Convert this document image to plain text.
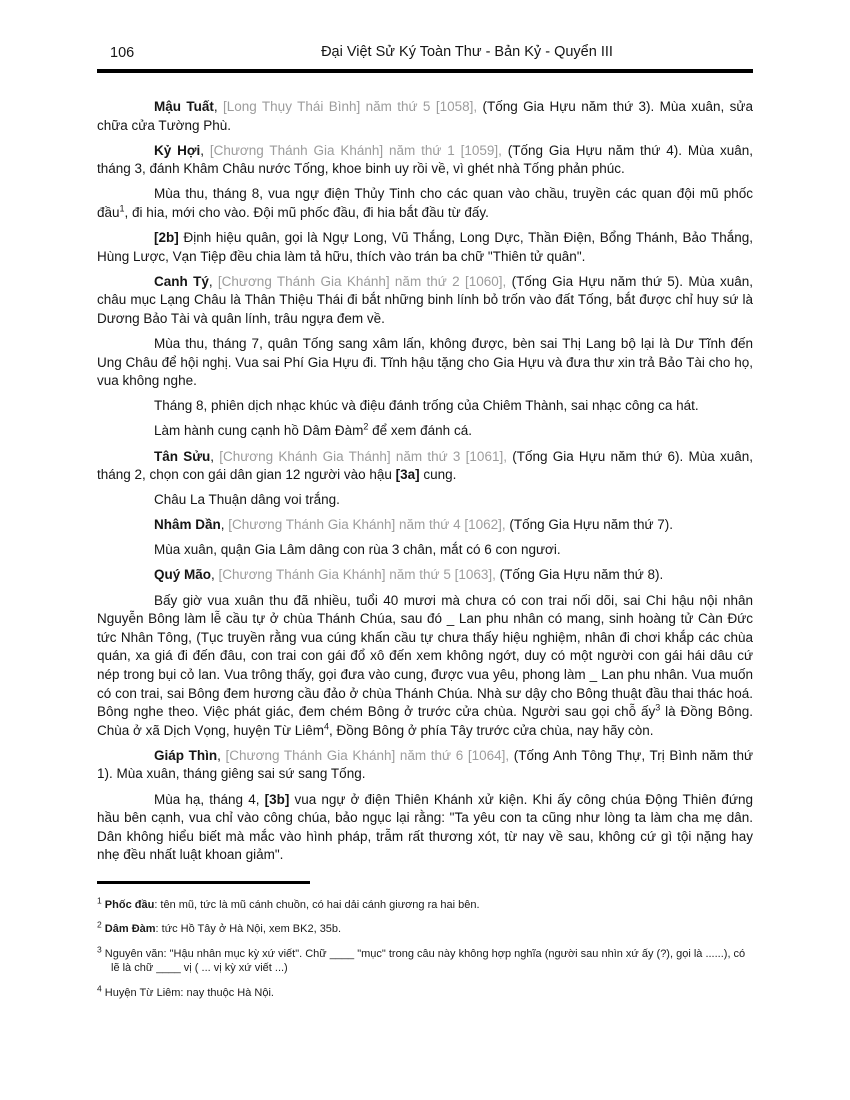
106	Đại Việt Sử Ký Toàn Thư - Bản Kỷ - Quyển III

Mậu Tuất, [Long Thụy Thái Bình] năm thứ 5 [1058], (Tống Gia Hựu năm thứ 3). Mùa xuân, sửa chữa cửa Tường Phù.

Kỷ Hợi, [Chương Thánh Gia Khánh] năm thứ 1 [1059], (Tống Gia Hựu năm thứ 4). Mùa xuân, tháng 3, đánh Khâm Châu nước Tống, khoe binh uy rồi về, vì ghét nhà Tống phản phúc.

Mùa thu, tháng 8, vua ngự điện Thủy Tinh cho các quan vào chầu, truyền các quan đội mũ phốc đầu$^1$, đi hia, mới cho vào. Đội mũ phốc đầu, đi hia bắt đầu từ đấy.

[2b] Định hiệu quân, gọi là Ngự Long, Vũ Thắng, Long Dực, Thần Điện, Bổng Thánh, Bảo Thắng, Hùng Lược, Vạn Tiệp đều chia làm tả hữu, thích vào trán ba chữ "Thiên tử quân".

Canh Tý, [Chương Thánh Gia Khánh] năm thứ 2 [1060], (Tống Gia Hựu năm thứ 5). Mùa xuân, châu mục Lạng Châu là Thân Thiệu Thái đi bắt những binh lính bỏ trốn vào đất Tống, bắt được chỉ huy sứ là Dương Bảo Tài và quân lính, trâu ngựa đem về.

Mùa thu, tháng 7, quân Tống sang xâm lấn, không được, bèn sai Thị Lang bộ lại là Dư Tĩnh đến Ung Châu để hội nghị. Vua sai Phí Gia Hựu đi. Tĩnh hậu tặng cho Gia Hựu và đưa thư xin trả Bảo Tài cho họ, vua không nghe.

Tháng 8, phiên dịch nhạc khúc và điệu đánh trống của Chiêm Thành, sai nhạc công ca hát.

Làm hành cung cạnh hồ Dâm Đàm$^2$ để xem đánh cá.

Tân Sửu, [Chương Khánh Gia Thánh] năm thứ 3 [1061], (Tống Gia Hựu năm thứ 6). Mùa xuân, tháng 2, chọn con gái dân gian 12 người vào hậu [3a] cung.

Châu La Thuận dâng voi trắng.

Nhâm Dần, [Chương Thánh Gia Khánh] năm thứ 4 [1062], (Tống Gia Hựu năm thứ 7).

Mùa xuân, quận Gia Lâm dâng con rùa 3 chân, mắt có 6 con ngươi.

Quý Mão, [Chương Thánh Gia Khánh] năm thứ 5 [1063], (Tống Gia Hựu năm thứ 8).

Bấy giờ vua xuân thu đã nhiều, tuổi 40 mươi mà chưa có con trai nối dõi, sai Chi hậu nội nhân Nguyễn Bông làm lễ cầu tự ở chùa Thánh Chúa, sau đó _ Lan phu nhân có mang, sinh hoàng tử Càn Đức tức Nhân Tông, (Tục truyền rằng vua cúng khấn cầu tự chưa thấy hiệu nghiệm, nhân đi chơi khắp các chùa quán, xa giá đi đến đâu, con trai con gái đổ xô đến xem không ngớt, duy có một người con gái hái dâu cứ nép trong bụi cỏ lan. Vua trông thấy, gọi đưa vào cung, được vua yêu, phong làm _ Lan phu nhân. Vua muốn có con trai, sai Bông đem hương cầu đảo ở chùa Thánh Chúa. Nhà sư dậy cho Bông thuật đầu thai thác hoá. Bông nghe theo. Việc phát giác, đem chém Bông ở trước cửa chùa. Người sau gọi chỗ ấy$^3$ là Đồng Bông. Chùa ở xã Dịch Vọng, huyện Từ Liêm$^4$, Đồng Bông ở phía Tây trước cửa chùa, nay hãy còn.

Giáp Thìn, [Chương Thánh Gia Khánh] năm thứ 6 [1064], (Tống Anh Tông Thự, Trị Bình năm thứ 1). Mùa xuân, tháng giêng sai sứ sang Tống.

Mùa hạ, tháng 4, [3b] vua ngự ở điện Thiên Khánh xử kiện. Khi ấy công chúa Động Thiên đứng hầu bên cạnh, vua chỉ vào công chúa, bảo ngục lại rằng: "Ta yêu con ta cũng như lòng ta làm cha mẹ dân. Dân không hiểu biết mà mắc vào hình pháp, trẫm rất thương xót, từ nay về sau, không cứ gì tội nặng hay nhẹ đều nhất luật khoan giảm".

$^1$ Phốc đầu: tên mũ, tức là mũ cánh chuồn, có hai dải cánh giương ra hai bên.
$^2$ Dâm Đàm: tức Hồ Tây ở Hà Nội, xem BK2, 35b.
$^3$ Nguyên văn: "Hậu nhân mục kỳ xứ viết". Chữ ____ "mục" trong câu này không hợp nghĩa (người sau nhìn xứ ấy (?), gọi là ......), có lẽ là chữ ____ vị ( ... vị kỳ xứ viết ...)
$^4$ Huyện Từ Liêm: nay thuộc Hà Nội.
